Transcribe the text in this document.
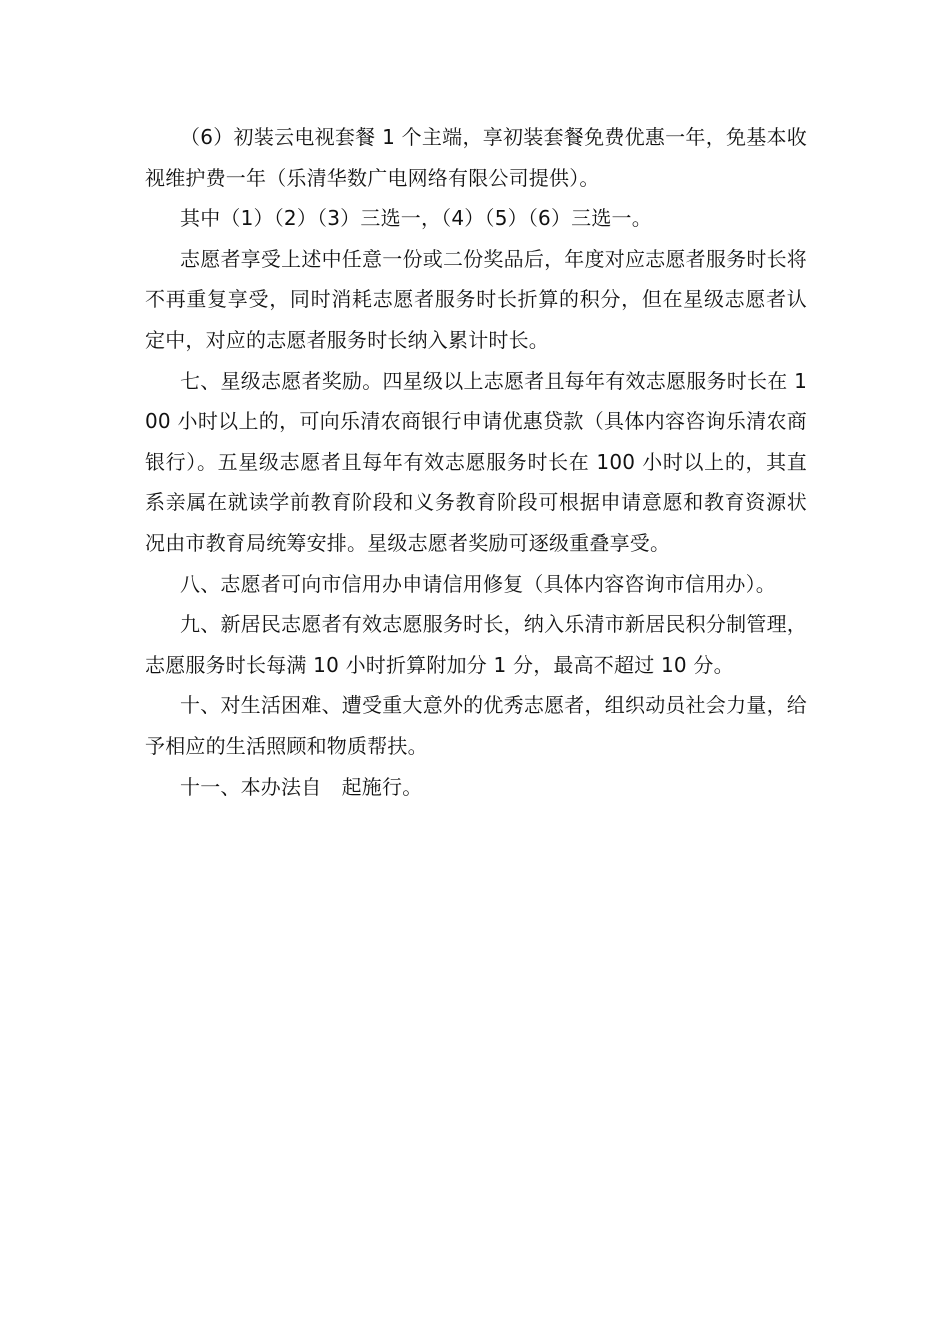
（6）初装云电视套餐 1 个主端，享初装套餐免费优惠一年，免基本收视维护费一年（乐清华数广电网络有限公司提供）。

其中（1）（2）（3）三选一，（4）（5）（6）三选一。

志愿者享受上述中任意一份或二份奖品后，年度对应志愿者服务时长将不再重复享受，同时消耗志愿者服务时长折算的积分，但在星级志愿者认定中，对应的志愿者服务时长纳入累计时长。

七、星级志愿者奖励。四星级以上志愿者且每年有效志愿服务时长在 100 小时以上的，可向乐清农商银行申请优惠贷款（具体内容咨询乐清农商银行）。五星级志愿者且每年有效志愿服务时长在 100 小时以上的，其直系亲属在就读学前教育阶段和义务教育阶段可根据申请意愿和教育资源状况由市教育局统筹安排。星级志愿者奖励可逐级重叠享受。

八、志愿者可向市信用办申请信用修复（具体内容咨询市信用办）。

九、新居民志愿者有效志愿服务时长，纳入乐清市新居民积分制管理，志愿服务时长每满 10 小时折算附加分 1 分，最高不超过 10 分。

十、对生活困难、遭受重大意外的优秀志愿者，组织动员社会力量，给予相应的生活照顾和物质帮扶。

十一、本办法自　起施行。
